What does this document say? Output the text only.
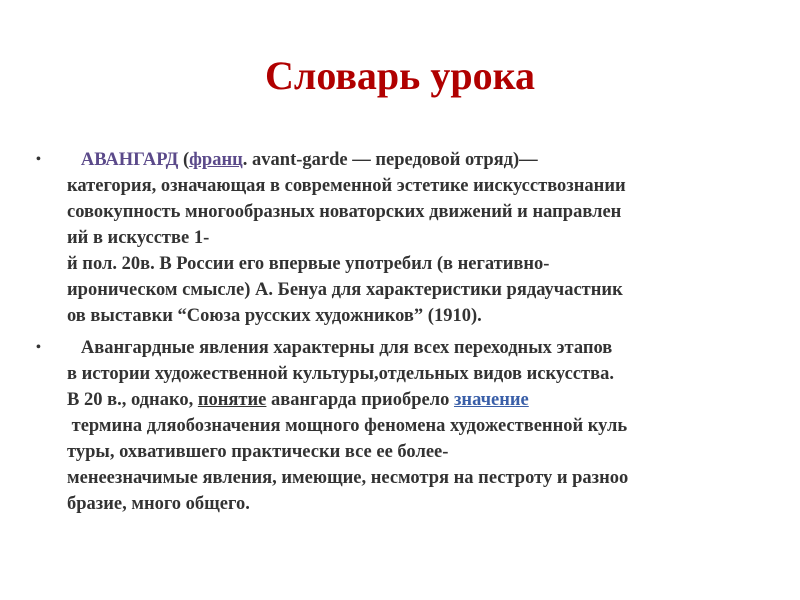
Словарь урока
•	АВАНГАРД (франц. avant-garde — передовой отряд)—
категория, означающая в современной эстетике иискусствознании
совокупность многообразных новаторских движений и направлен
ий в искусстве 1-
й пол. 20в. В России его впервые употребил (в негативно-
ироническом смысле) А. Бенуа для характеристики рядаучастник
ов выставки “Союза русских художников” (1910).
• Авангардные явления характерны для всех переходных этапов
в истории художественной культуры,отдельных видов искусства.
В 20 в., однако, понятие авангарда приобрело значение
термина дляобозначения мощного феномена художественной куль
туры, охватившего практически все ее более-
менеезначимые явления, имеющие, несмотря на пестроту и разноо
бразие, много общего.
